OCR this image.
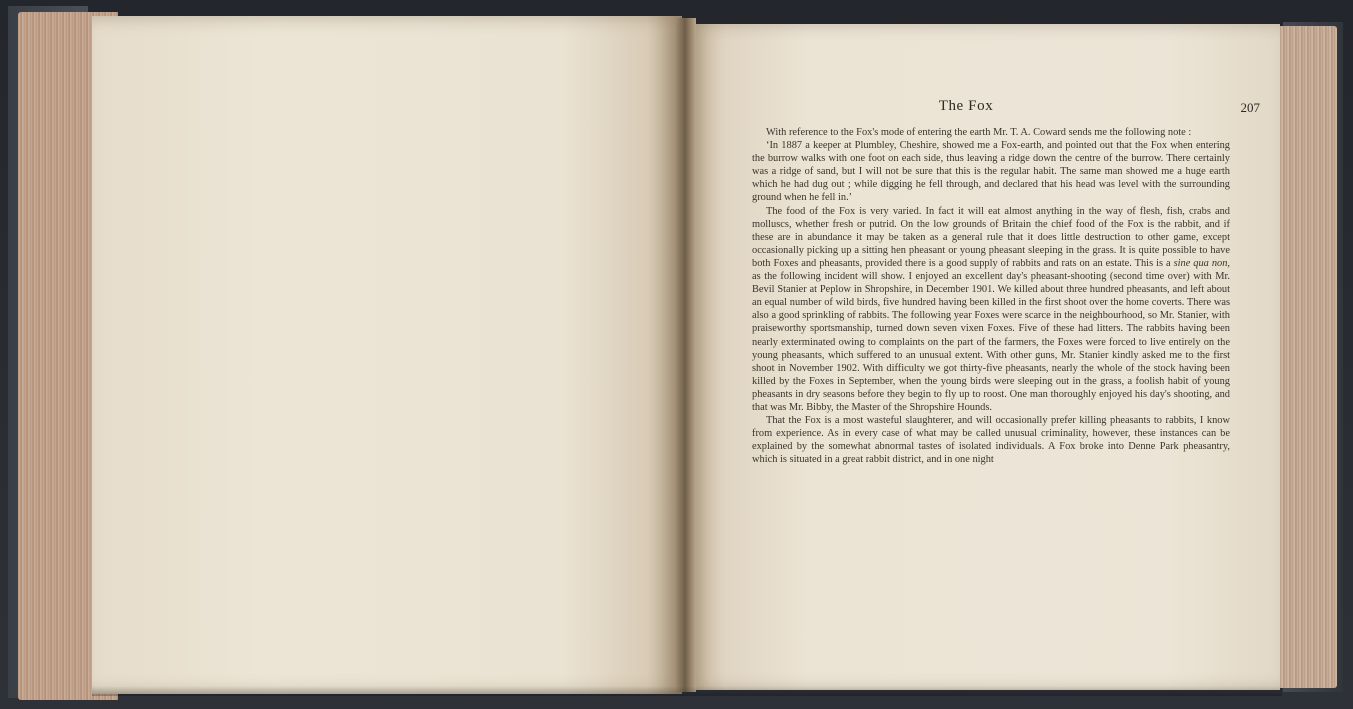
The Fox	207

With reference to the Fox's mode of entering the earth Mr. T. A. Coward sends me the following note :

‘In 1887 a keeper at Plumbley, Cheshire, showed me a Fox-earth, and pointed out that the Fox when entering the burrow walks with one foot on each side, thus leaving a ridge down the centre of the burrow. There certainly was a ridge of sand, but I will not be sure that this is the regular habit. The same man showed me a huge earth which he had dug out ; while digging he fell through, and declared that his head was level with the surrounding ground when he fell in.’

The food of the Fox is very varied. In fact it will eat almost anything in the way of flesh, fish, crabs and molluscs, whether fresh or putrid. On the low grounds of Britain the chief food of the Fox is the rabbit, and if these are in abundance it may be taken as a general rule that it does little destruction to other game, except occasionally picking up a sitting hen pheasant or young pheasant sleeping in the grass. It is quite possible to have both Foxes and pheasants, provided there is a good supply of rabbits and rats on an estate. This is a sine qua non, as the following incident will show. I enjoyed an excellent day's pheasant-shooting (second time over) with Mr. Bevil Stanier at Peplow in Shropshire, in December 1901. We killed about three hundred pheasants, and left about an equal number of wild birds, five hundred having been killed in the first shoot over the home coverts. There was also a good sprinkling of rabbits. The following year Foxes were scarce in the neighbourhood, so Mr. Stanier, with praiseworthy sportsmanship, turned down seven vixen Foxes. Five of these had litters. The rabbits having been nearly exterminated owing to complaints on the part of the farmers, the Foxes were forced to live entirely on the young pheasants, which suffered to an unusual extent. With other guns, Mr. Stanier kindly asked me to the first shoot in November 1902. With difficulty we got thirty-five pheasants, nearly the whole of the stock having been killed by the Foxes in September, when the young birds were sleeping out in the grass, a foolish habit of young pheasants in dry seasons before they begin to fly up to roost. One man thoroughly enjoyed his day's shooting, and that was Mr. Bibby, the Master of the Shropshire Hounds.

That the Fox is a most wasteful slaughterer, and will occasionally prefer killing pheasants to rabbits, I know from experience. As in every case of what may be called unusual criminality, however, these instances can be explained by the somewhat abnormal tastes of isolated individuals. A Fox broke into Denne Park pheasantry, which is situated in a great rabbit district, and in one night
